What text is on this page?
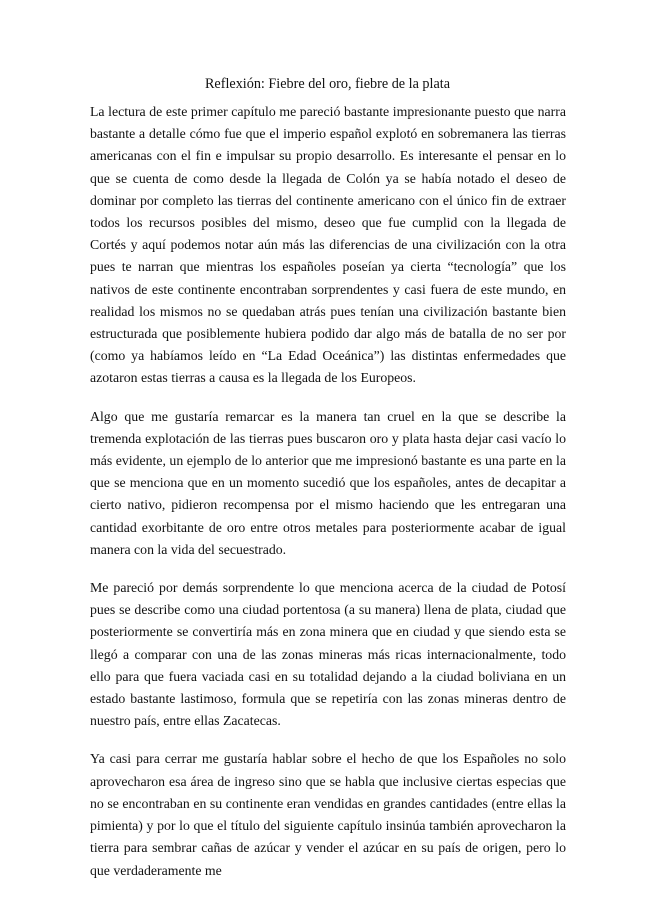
Reflexión: Fiebre del oro, fiebre de la plata

La lectura de este primer capítulo me pareció bastante impresionante puesto que narra bastante a detalle cómo fue que el imperio español explotó en sobremanera las tierras americanas con el fin e impulsar su propio desarrollo. Es interesante el pensar en lo que se cuenta de como desde la llegada de Colón ya se había notado el deseo de dominar por completo las tierras del continente americano con el único fin de extraer todos los recursos posibles del mismo, deseo que fue cumplid con la llegada de Cortés y aquí podemos notar aún más las diferencias de una civilización con la otra pues te narran que mientras los españoles poseían ya cierta “tecnología” que los nativos de este continente encontraban sorprendentes y casi fuera de este mundo, en realidad los mismos no se quedaban atrás pues tenían una civilización bastante bien estructurada que posiblemente hubiera podido dar algo más de batalla de no ser por (como ya habíamos leído en “La Edad Oceánica”) las distintas enfermedades que azotaron estas tierras a causa es la llegada de los Europeos.

Algo que me gustaría remarcar es la manera tan cruel en la que se describe la tremenda explotación de las tierras pues buscaron oro y plata hasta dejar casi vacío lo más evidente, un ejemplo de lo anterior que me impresionó bastante es una parte en la que se menciona que en un momento sucedió que los españoles, antes de decapitar a cierto nativo, pidieron recompensa por el mismo haciendo que les entregaran una cantidad exorbitante de oro entre otros metales para posteriormente acabar de igual manera con la vida del secuestrado.

Me pareció por demás sorprendente lo que menciona acerca de la ciudad de Potosí pues se describe como una ciudad portentosa (a su manera) llena de plata, ciudad que posteriormente se convertiría más en zona minera que en ciudad y que siendo esta se llegó a comparar con una de las zonas mineras más ricas internacionalmente, todo ello para que fuera vaciada casi en su totalidad dejando a la ciudad boliviana en un estado bastante lastimoso, formula que se repetiría con las zonas mineras dentro de nuestro país, entre ellas Zacatecas.

Ya casi para cerrar me gustaría hablar sobre el hecho de que los Españoles no solo aprovecharon esa área de ingreso sino que se habla que inclusive ciertas especias que no se encontraban en su continente eran vendidas en grandes cantidades (entre ellas la pimienta) y por lo que el título del siguiente capítulo insinúa también aprovecharon la tierra para sembrar cañas de azúcar y vender el azúcar en su país de origen, pero lo que verdaderamente me
